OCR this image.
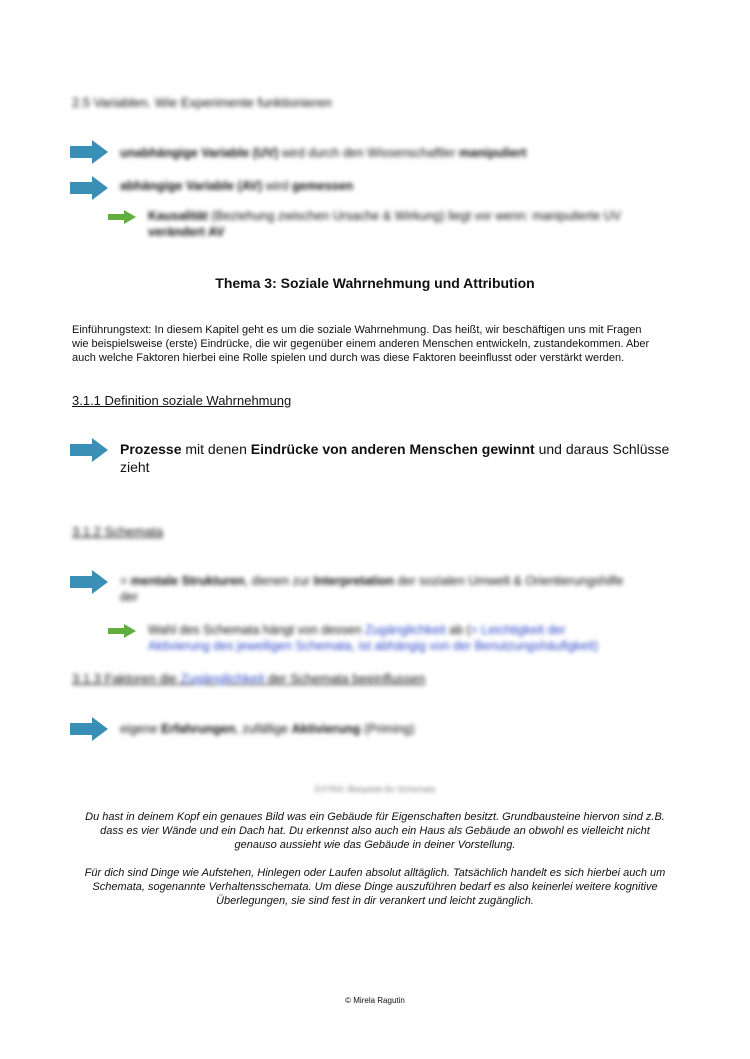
2.5 Variablen. Wie Experimente funktionieren
unabhängige Variable (UV) wird durch den Wissenschaftler manipuliert
abhängige Variable (AV) wird gemessen
Kausalität (Beziehung zwischen Ursache & Wirkung) liegt vor wenn: manipulierte UV
verändert AV
Thema 3: Soziale Wahrnehmung und Attribution
Einführungstext: In diesem Kapitel geht es um die soziale Wahrnehmung. Das heißt, wir beschäftigen uns mit Fragen
wie beispielsweise (erste) Eindrücke, die wir gegenüber einem anderen Menschen entwickeln, zustandekommen. Aber
auch welche Faktoren hierbei eine Rolle spielen und durch was diese Faktoren beeinflusst oder verstärkt werden.
3.1.1 Definition soziale Wahrnehmung
Prozesse mit denen Eindrücke von anderen Menschen gewinnt und daraus Schlüsse
zieht
3.1.2 Schemata
= mentale Strukturen, dienen zur Interpretation der sozialen Umwelt & Orientierungshilfe
der
Wahl des Schemata hängt von dessen Zugänglichkeit ab (= Leichtigkeit der
Aktivierung des jeweiligen Schemata, ist abhängig von der Benutzungshäufigkeit)
3.1.3 Faktoren die Zugänglichkeit der Schemata beeinflussen
eigene Erfahrungen, zufällige Aktivierung (Priming)
EXTRA: Beispiele für Schemata
Du hast in deinem Kopf ein genaues Bild was ein Gebäude für Eigenschaften besitzt. Grundbausteine hiervon sind z.B.
dass es vier Wände und ein Dach hat. Du erkennst also auch ein Haus als Gebäude an obwohl es vielleicht nicht
genauso aussieht wie das Gebäude in deiner Vorstellung.
Für dich sind Dinge wie Aufstehen, Hinlegen oder Laufen absolut alltäglich. Tatsächlich handelt es sich hierbei auch um
Schemata, sogenannte Verhaltensschemata. Um diese Dinge auszuführen bedarf es also keinerlei weitere kognitive
Überlegungen, sie sind fest in dir verankert und leicht zugänglich.
© Mirela Ragutin
